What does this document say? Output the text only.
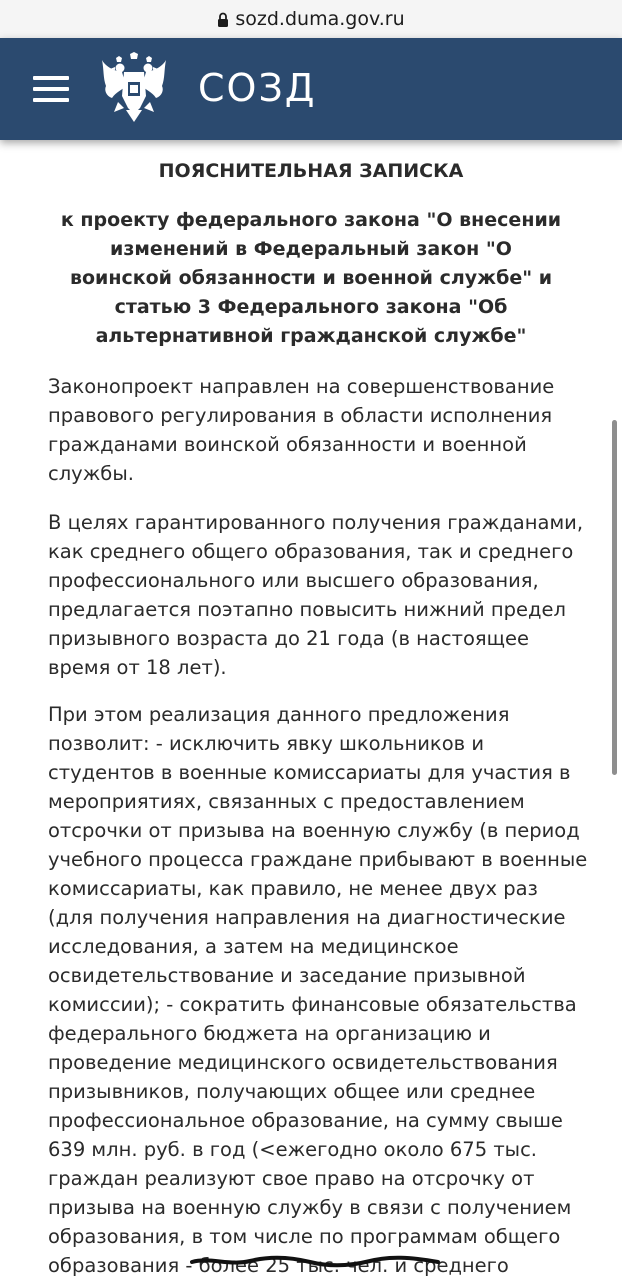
sozd.duma.gov.ru
СОЗД
ПОЯСНИТЕЛЬНАЯ ЗАПИСКА
к проекту федерального закона "О внесении изменений в Федеральный закон "О воинской обязанности и военной службе" и статью 3 Федерального закона "Об альтернативной гражданской службе"

Законопроект направлен на совершенствование правового регулирования в области исполнения гражданами воинской обязанности и военной службы.

В целях гарантированного получения гражданами, как среднего общего образования, так и среднего профессионального или высшего образования, предлагается поэтапно повысить нижний предел призывного возраста до 21 года (в настоящее время от 18 лет).

При этом реализация данного предложения позволит: - исключить явку школьников и студентов в военные комиссариаты для участия в мероприятиях, связанных с предоставлением отсрочки от призыва на военную службу (в период учебного процесса граждане прибывают в военные комиссариаты, как правило, не менее двух раз (для получения направления на диагностические исследования, а затем на медицинское освидетельствование и заседание призывной комиссии); - сократить финансовые обязательства федерального бюджета на организацию и проведение медицинского освидетельствования призывников, получающих общее или среднее профессиональное образование, на сумму свыше 639 млн. руб. в год (<ежегодно около 675 тыс. граждан реализуют свое право на отсрочку от призыва на военную службу в связи с получением образования, в том числе по программам общего образования - более 25 тыс. чел. и среднего
